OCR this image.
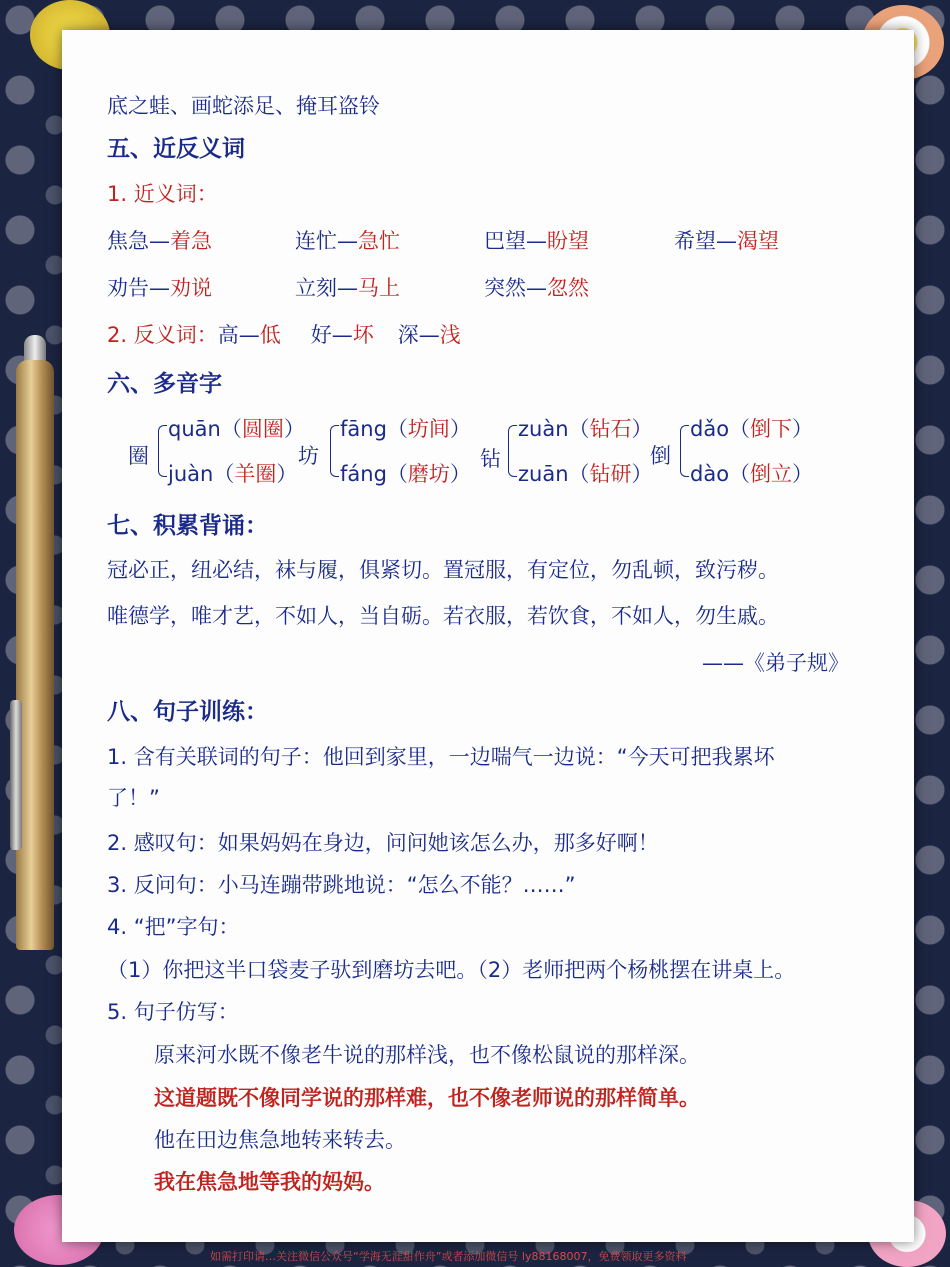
底之蛙、画蛇添足、掩耳盗铃
五、近反义词
1. 近义词：
焦急—着急	连忙—急忙	巴望—盼望	希望—渴望
劝告—劝说	立刻—马上	突然—忽然
2. 反义词：高—低 好—坏 深—浅
六、多音字
圈
quān（圆圈）
juàn（羊圈）
坊
fāng（坊间）
fáng（磨坊）
钻
zuàn（钻石）
zuān（钻研）
倒
dǎo（倒下）
dào（倒立）
七、积累背诵：
冠必正，纽必结，袜与履，俱紧切。置冠服，有定位，勿乱顿，致污秽。
唯德学，唯才艺，不如人，当自砺。若衣服，若饮食，不如人，勿生戚。
——《弟子规》
八、句子训练：
1. 含有关联词的句子：他回到家里，一边喘气一边说：“今天可把我累坏
了！”
2. 感叹句：如果妈妈在身边，问问她该怎么办，那多好啊！
3. 反问句：小马连蹦带跳地说：“怎么不能？……”
4. “把”字句：
（1）你把这半口袋麦子驮到磨坊去吧。（2）老师把两个杨桃摆在讲桌上。
5. 句子仿写：
原来河水既不像老牛说的那样浅，也不像松鼠说的那样深。
这道题既不像同学说的那样难，也不像老师说的那样简单。
他在田边焦急地转来转去。
我在焦急地等我的妈妈。
如需打印请…关注微信公众号“学海无涯甜作舟”或者添加微信号 ly88168007，免费领取更多资料
